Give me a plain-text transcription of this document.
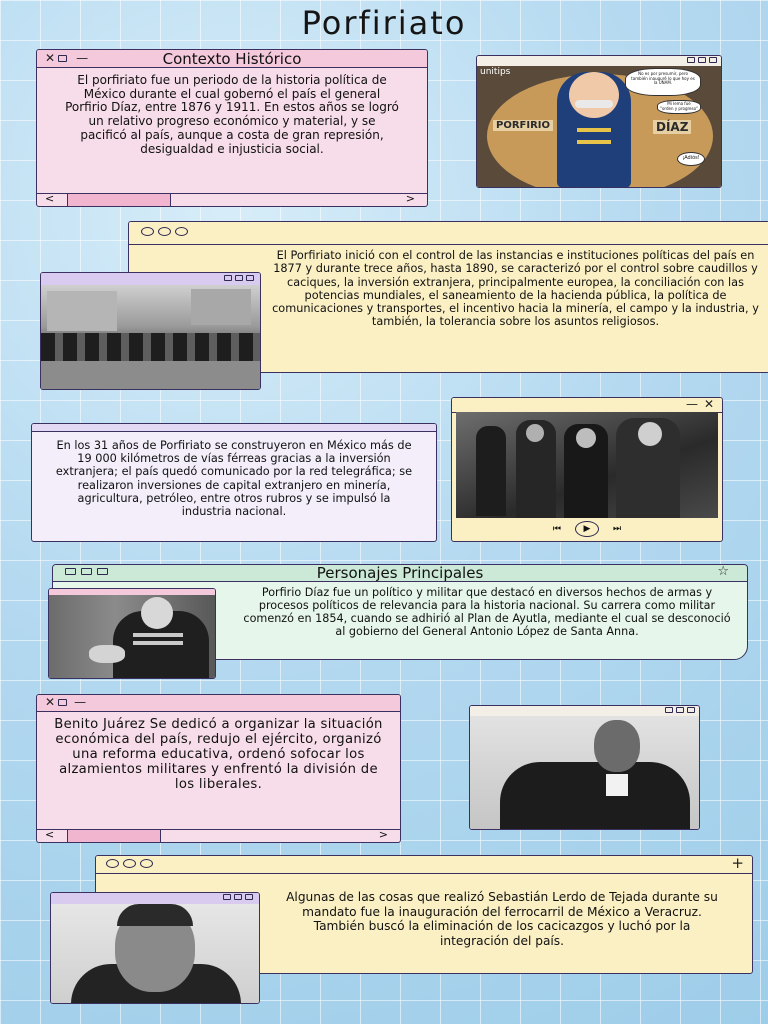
Porfiriato
✕ —	Contexto Histórico
El porfiriato fue un periodo de la historia política de México durante el cual gobernó el país el general Porfirio Díaz, entre 1876 y 1911. En estos años se logró un relativo progreso económico y material, y se pacificó al país, aunque a costa de gran represión, desigualdad e injusticia social.
<	>
unitips
PORFIRIO	DÍAZ
No es por presumir, pero también inauguré lo que hoy es la UNAM.
Mi lema fue "orden y progreso"
¡Adiós!
El Porfiriato inició con el control de las instancias e instituciones políticas del país en 1877 y durante trece años, hasta 1890, se caracterizó por el control sobre caudillos y caciques, la inversión extranjera, principalmente europea, la conciliación con las potencias mundiales, el saneamiento de la hacienda pública, la política de comunicaciones y transportes, el incentivo hacia la minería, el campo y la industria, y también, la tolerancia sobre los asuntos religiosos.
En los 31 años de Porfiriato se construyeron en México más de 19 000 kilómetros de vías férreas gracias a la inversión extranjera; el país quedó comunicado por la red telegráfica; se realizaron inversiones de capital extranjero en minería, agricultura, petróleo, entre otros rubros y se impulsó la industria nacional.
— ✕
⏮	▶	⏭
Personajes Principales	☆
Porfirio Díaz fue un político y militar que destacó en diversos hechos de armas y procesos políticos de relevancia para la historia nacional. Su carrera como militar comenzó en 1854, cuando se adhirió al Plan de Ayutla, mediante el cual se desconoció al gobierno del General Antonio López de Santa Anna.
✕ —
Benito Juárez Se dedicó a organizar la situación económica del país, redujo el ejército, organizó una reforma educativa, ordenó sofocar los alzamientos militares y enfrentó la división de los liberales.
<	>
+
Algunas de las cosas que realizó Sebastián Lerdo de Tejada durante su mandato fue la inauguración del ferrocarril de México a Veracruz. También buscó la eliminación de los cacicazgos y luchó por la integración del país.
